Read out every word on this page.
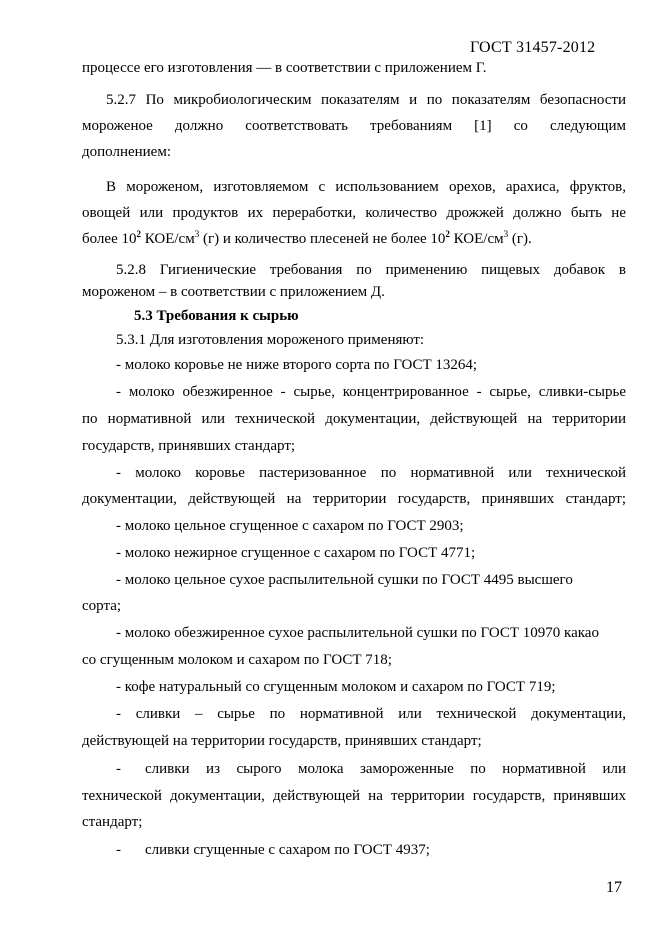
ГОСТ 31457-2012
процессе его изготовления — в соответствии с приложением Г.
5.2.7 По микробиологическим показателям и по показателям безопасности
мороженое должно соответствовать требованиям [1] со следующим
дополнением:
В мороженом, изготовляемом с использованием орехов, арахиса, фруктов,
овощей или продуктов их переработки, количество дрожжей должно быть не
более $10^2$ КОЕ/$см^3$ (г) и количество плесеней не более $10^2$ КОЕ/$см^3$ (г).
5.2.8 Гигиенические требования по применению пищевых добавок в
мороженом – в соответствии с приложением Д.
5.3 Требования к сырью
5.3.1 Для изготовления мороженого применяют:
- молоко коровье не ниже второго сорта по ГОСТ 13264;
- молоко обезжиренное - сырье, концентрированное - сырье, сливки-сырье
по нормативной или технической документации, действующей на территории
государств, принявших стандарт;
- молоко коровье пастеризованное по нормативной или технической
документации, действующей на территории государств, принявших стандарт;
- молоко цельное сгущенное с сахаром по ГОСТ 2903;
- молоко нежирное сгущенное с сахаром по ГОСТ 4771;
- молоко цельное сухое распылительной сушки по ГОСТ 4495 высшего
сорта;
- молоко обезжиренное сухое распылительной сушки по ГОСТ 10970 какао
со сгущенным молоком и сахаром по ГОСТ 718;
- кофе натуральный со сгущенным молоком и сахаром по ГОСТ 719;
- сливки – сырье по нормативной или технической документации,
действующей на территории государств, принявших стандарт;
- сливки из сырого молока замороженные по нормативной или
технической документации, действующей на территории государств, принявших
стандарт;
- сливки сгущенные с сахаром по ГОСТ 4937;
17
